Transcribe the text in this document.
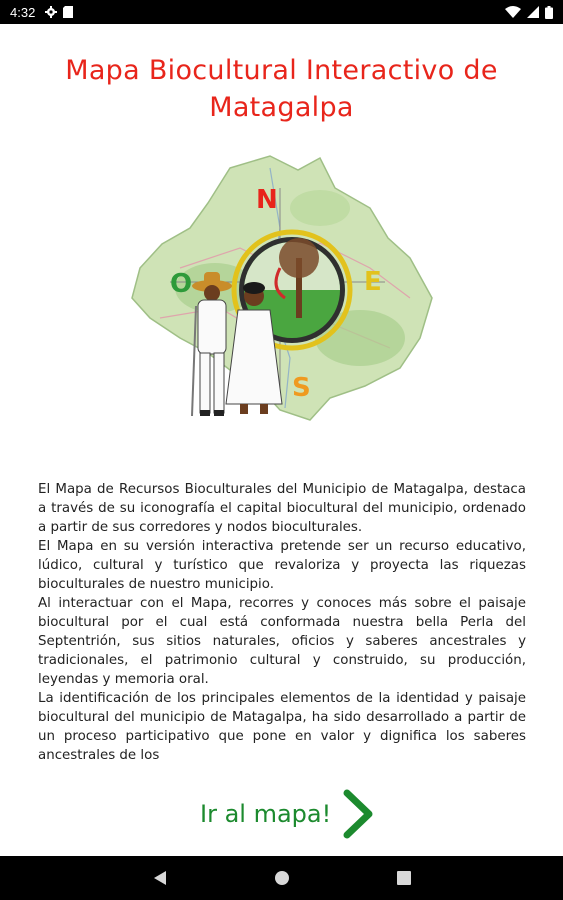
4:32
Mapa Biocultural Interactivo de Matagalpa
N
O	E
S

El Mapa de Recursos Bioculturales del Municipio de Matagalpa, destaca a través de su iconografía el capital biocultural del municipio, ordenado a partir de sus corredores y nodos bioculturales.

El Mapa en su versión interactiva pretende ser un recurso educativo, lúdico, cultural y turístico que revaloriza y proyecta las riquezas bioculturales de nuestro municipio.

Al interactuar con el Mapa, recorres y conoces más sobre el paisaje biocultural por el cual está conformada nuestra bella Perla del Septentrión, sus sitios naturales, oficios y saberes ancestrales y tradicionales, el patrimonio cultural y construido, su producción, leyendas y memoria oral.

La identificación de los principales elementos de la identidad y paisaje biocultural del municipio de Matagalpa, ha sido desarrollado a partir de un proceso participativo que pone en valor y dignifica los saberes ancestrales de los

Ir al mapa!
